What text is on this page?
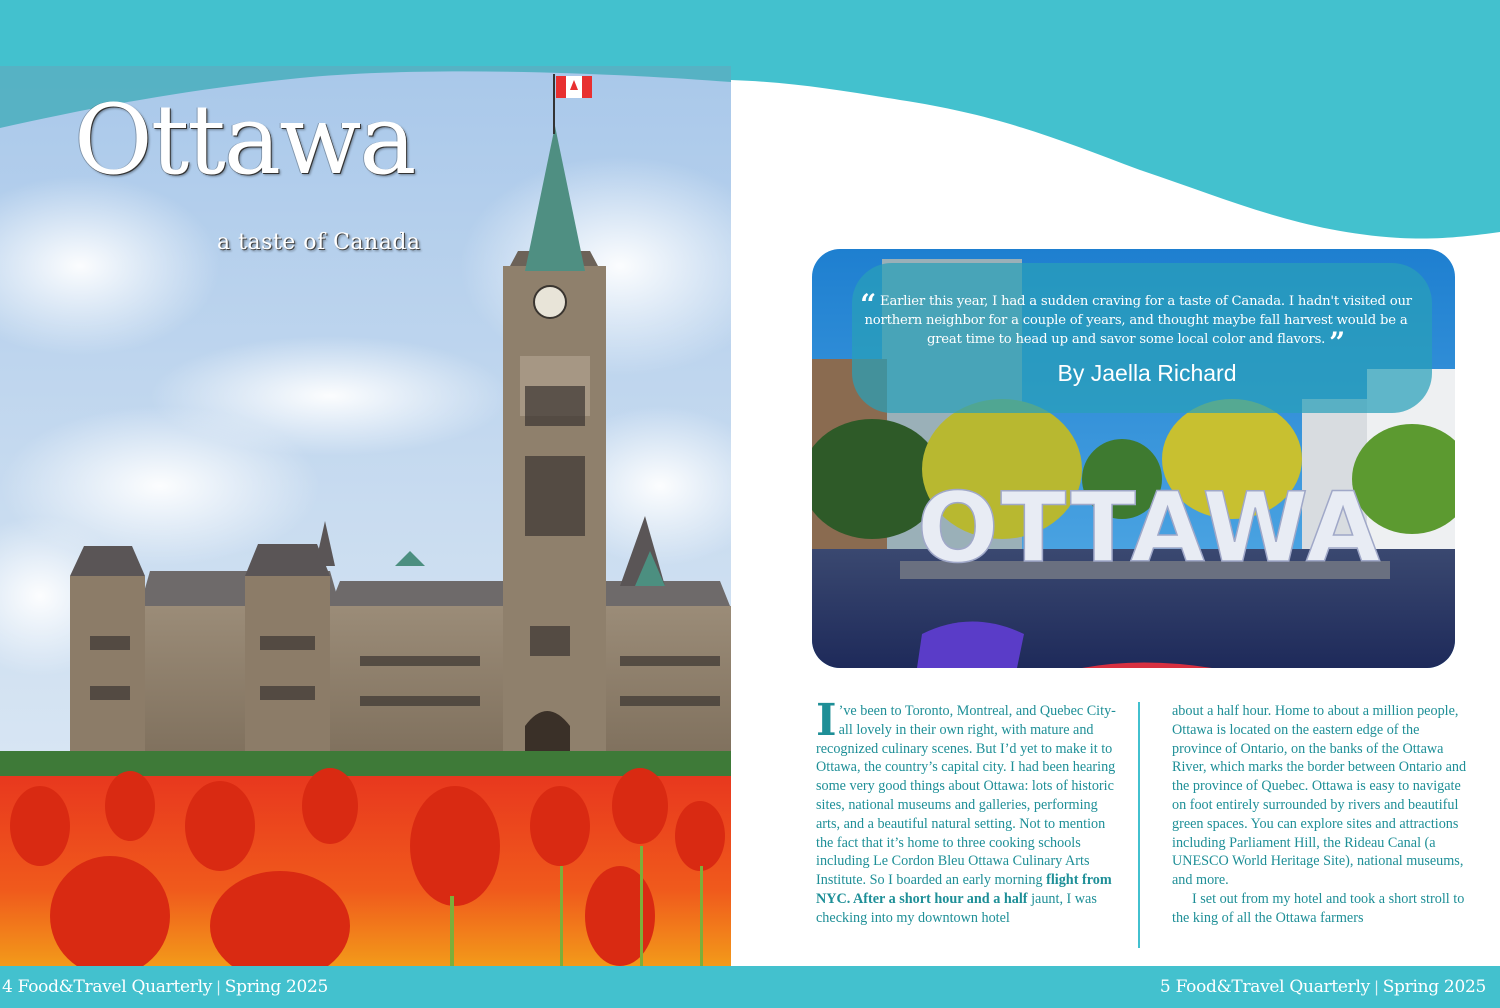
Ottawa
a taste of Canada
OTTAWA
“ Earlier this year, I had a sudden craving for a taste of Canada. I hadn't visited our northern neighbor for a couple of years, and thought maybe fall harvest would be a great time to head up and savor some local color and flavors. ”
By Jaella Richard

I ’ve been to Toronto, Montreal, and Quebec City-all lovely in their own right, with mature and recognized culinary scenes. But I’d yet to make it to Ottawa, the country’s capital city. I had been hearing some very good things about Ottawa: lots of historic sites, national museums and galleries, performing arts, and a beautiful natural setting. Not to mention the fact that it’s home to three cooking schools including Le Cordon Bleu Ottawa Culinary Arts Institute. So I boarded an early morning flight from NYC. After a short hour and a half jaunt, I was checking into my downtown hotel

about a half hour. Home to about a million people, Ottawa is located on the eastern edge of the province of Ontario, on the banks of the Ottawa River, which marks the border between Ontario and the province of Quebec. Ottawa is easy to navigate on foot entirely surrounded by rivers and beautiful green spaces. You can explore sites and attractions including Parliament Hill, the Rideau Canal (a UNESCO World Heritage Site), national museums, and more.

I set out from my hotel and took a short stroll to the king of all the Ottawa farmers

4 Food&Travel Quarterly | Spring 2025	5 Food&Travel Quarterly | Spring 2025
